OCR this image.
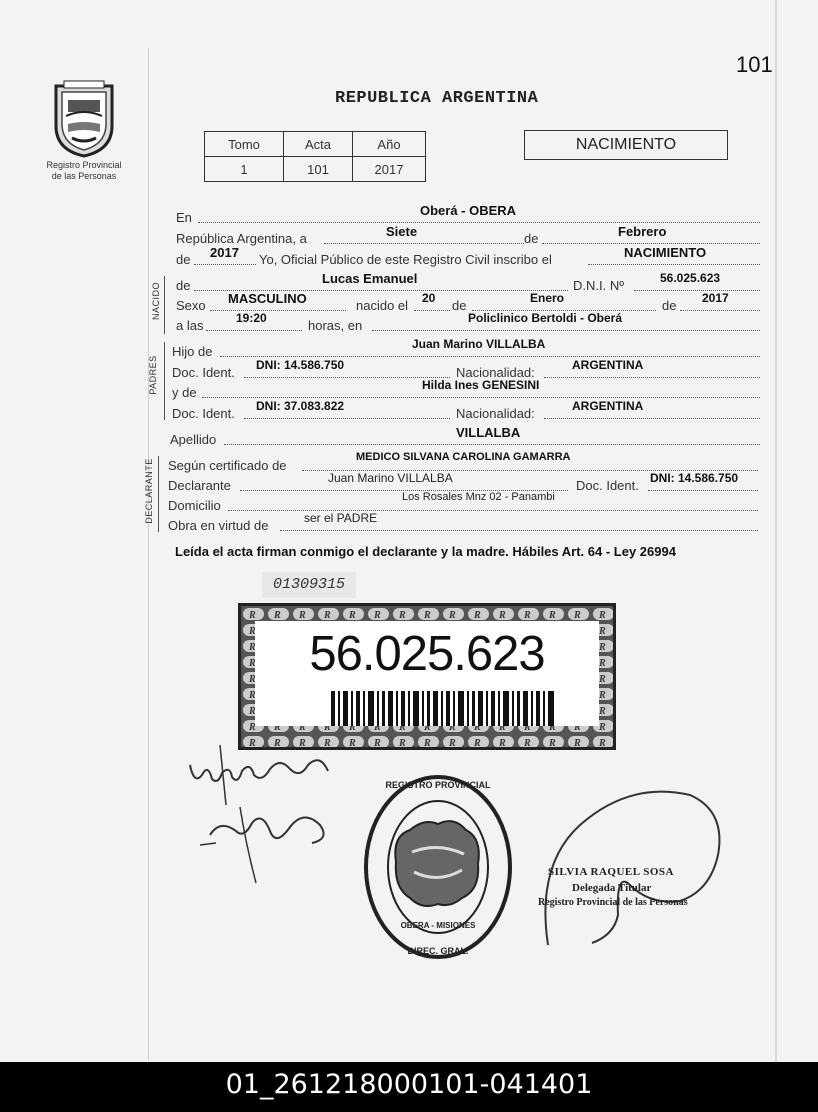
101
Registro Provincial
de las Personas
REPUBLICA ARGENTINA
Tomo	Acta	Año
1	101	2017
NACIMIENTO
En	Oberá - OBERA
República Argentina, a	Siete	de	Febrero
de 2017 Yo, Oficial Público de este Registro Civil inscribo el	NACIMIENTO
NACIDO de	Lucas Emanuel	D.N.I. Nº	56.025.623
Sexo MASCULINO	nacido el 20 de	Enero	de 2017
a las	19:20	horas, en	Policlinico Bertoldi - Oberá
PADRES
Hijo de	Juan Marino VILLALBA
Doc. Ident. DNI: 14.586.750	Nacionalidad:	ARGENTINA
y de	Hilda Ines GENESINI
Doc. Ident. DNI: 37.083.822	Nacionalidad:	ARGENTINA
Apellido	VILLALBA
DECLARANTE Según certificado de
MEDICO SILVANA CAROLINA GAMARRA
Declarante	Juan Marino VILLALBA	Doc. Ident. DNI: 14.586.750
Domicilio
Los Rosales Mnz 02 - Panambi
Obra en virtud de	ser el PADRE
Leída el acta firman conmigo el declarante y la madre. Hábiles Art. 64 - Ley 26994
01309315
56.025.623
REGISTRO PROVINCIAL
DIREC. GRAL.
OBERA - MISIONES
SILVIA RAQUEL SOSA
Delegada Titular
Registro Provincial de las Personas
01_261218000101-041401
